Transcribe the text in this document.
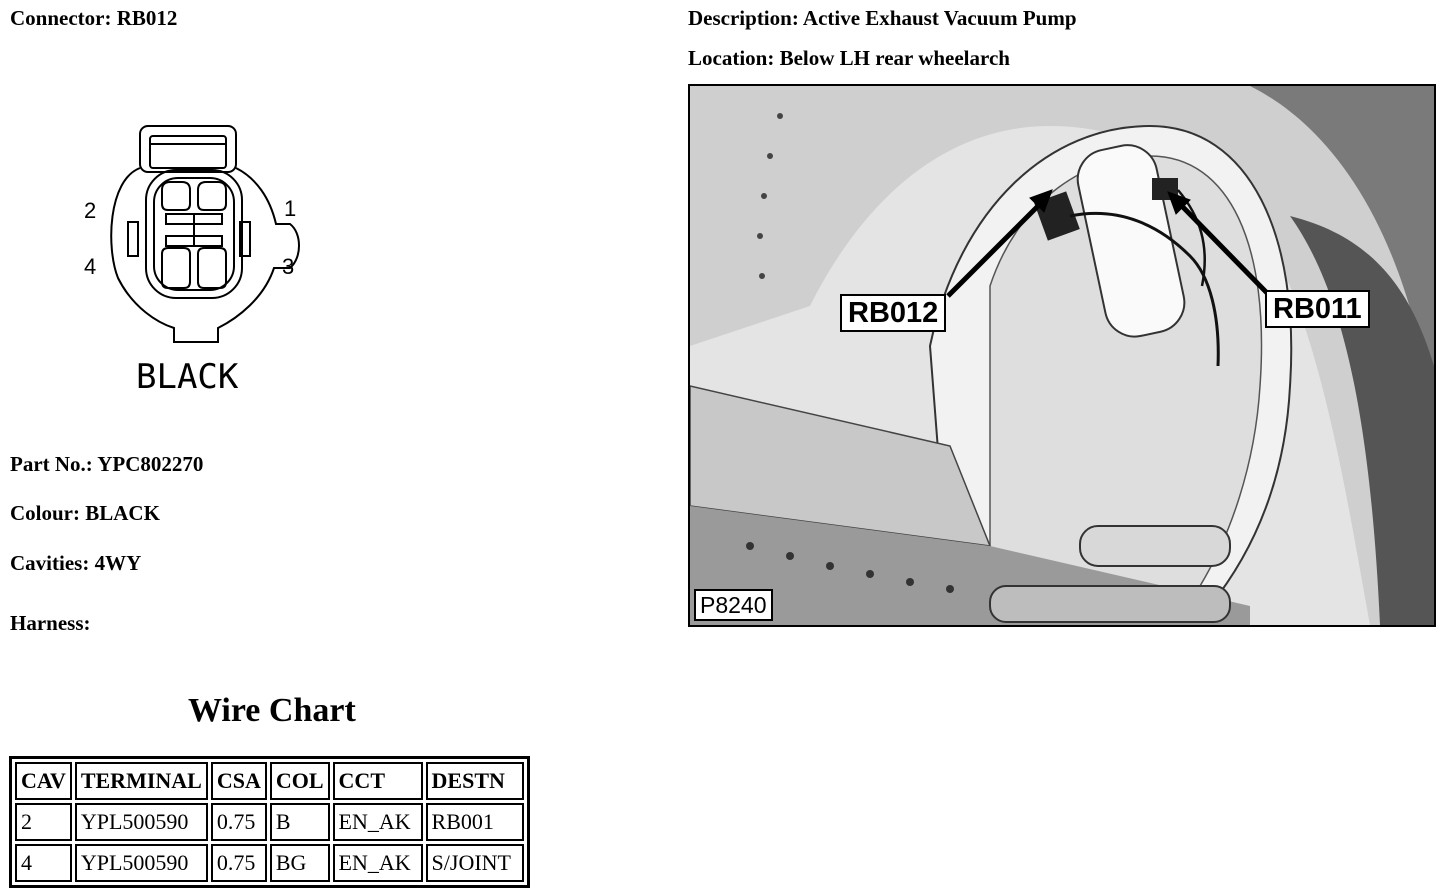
Connector: RB012	Description: Active Exhaust Vacuum Pump
Location: Below LH rear wheelarch
2	1
4	3
BLACK
Part No.: YPC802270
Colour: BLACK
Cavities: 4WY
Harness:
Wire Chart
CAV	TERMINAL	CSA	COL	CCT	DESTN
2	YPL500590	0.75	B	EN_AK	RB001
4	YPL500590	0.75	BG	EN_AK	S/JOINT
RB012	RB011
P8240
